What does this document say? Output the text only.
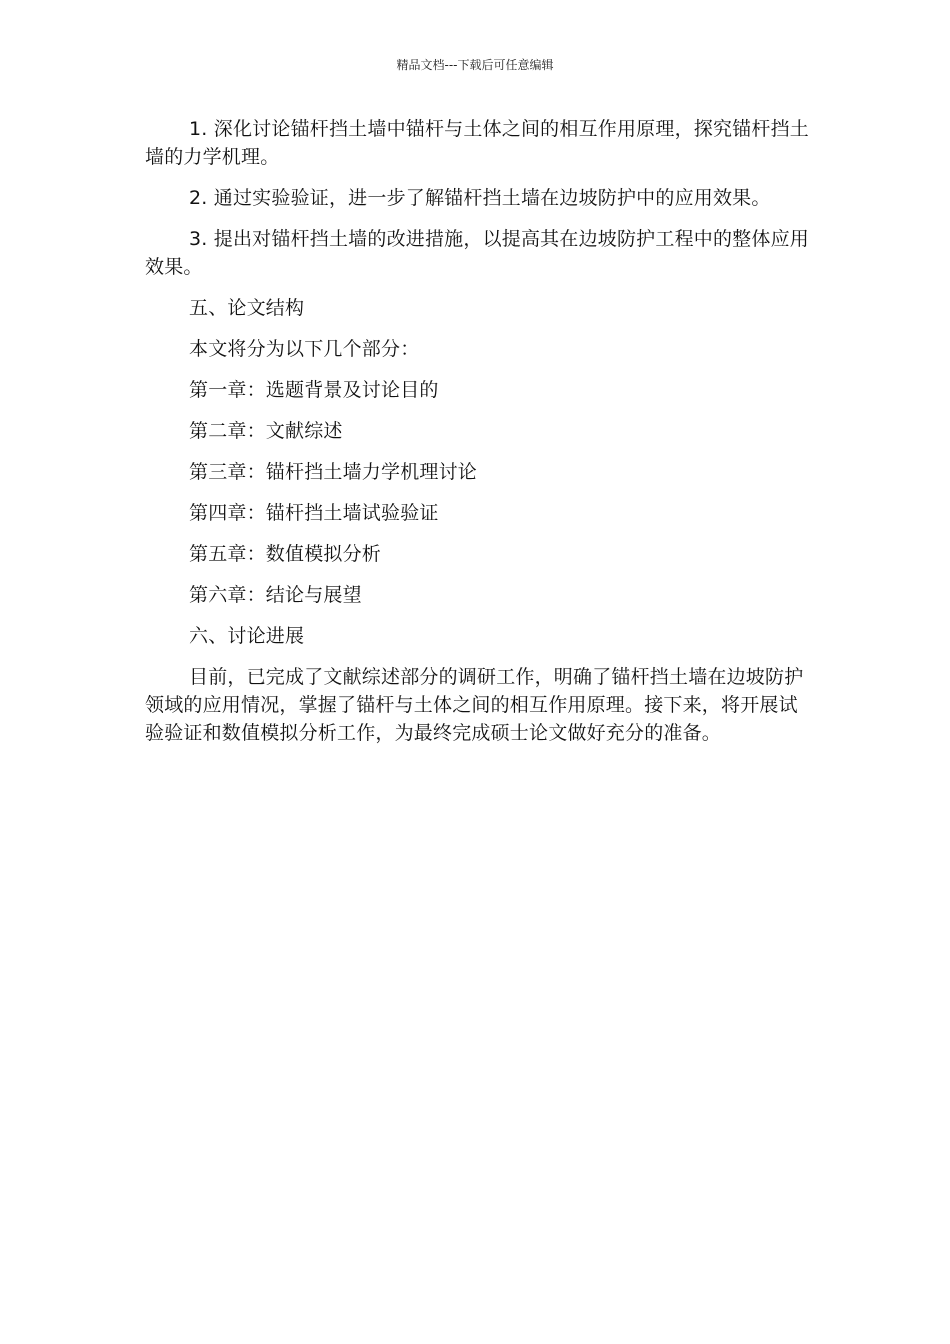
精品文档---下载后可任意编辑

1. 深化讨论锚杆挡土墙中锚杆与土体之间的相互作用原理，探究锚杆挡土墙的力学机理。

2. 通过实验验证，进一步了解锚杆挡土墙在边坡防护中的应用效果。

3. 提出对锚杆挡土墙的改进措施，以提高其在边坡防护工程中的整体应用效果。

五、论文结构

本文将分为以下几个部分：

第一章：选题背景及讨论目的

第二章：文献综述

第三章：锚杆挡土墙力学机理讨论

第四章：锚杆挡土墙试验验证

第五章：数值模拟分析

第六章：结论与展望

六、讨论进展

目前，已完成了文献综述部分的调研工作，明确了锚杆挡土墙在边坡防护领域的应用情况，掌握了锚杆与土体之间的相互作用原理。接下来，将开展试验验证和数值模拟分析工作，为最终完成硕士论文做好充分的准备。
